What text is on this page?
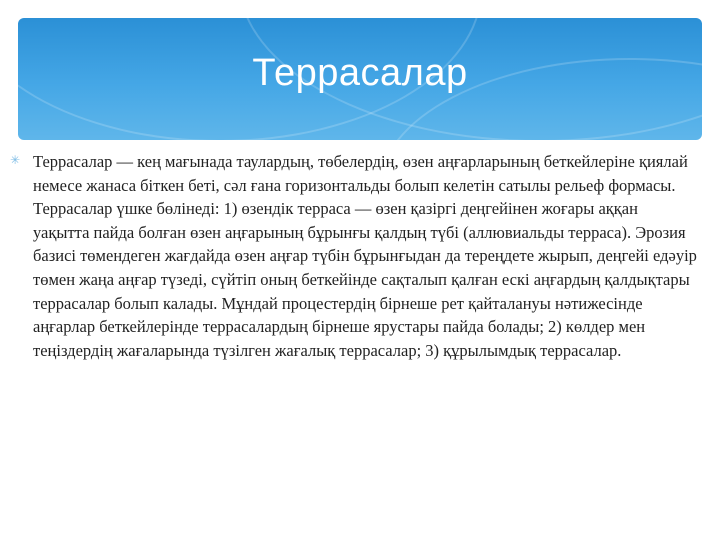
Террасалар
✳ Террасалар — кең мағынада таулардың, төбелердің, өзен аңғарларының беткейлеріне қиялай немесе жанаса біткен беті, сәл ғана горизонтальды болып келетін сатылы рельеф формасы. Террасалар үшке бөлінеді: 1) өзендік терраса — өзен қазіргі деңгейінен жоғары аққан уақытта пайда болған өзен аңғарының бұрынғы қалдың түбі (аллювиальды терраса). Эрозия базисі төмендеген жағдайда өзен аңғар түбін бұрынғыдан да тереңдете жырып, деңгейі едәуір төмен жаңа аңғар түзеді, сүйтіп оның беткейінде сақталып қалған ескі аңғардың қалдықтары террасалар болып калады. Мұндай процестердің бірнеше рет қайталануы нәтижесінде аңғарлар беткейлерінде террасалардың бірнеше ярустары пайда болады; 2) көлдер мен теңіздердің жағаларында түзілген жағалық террасалар; 3) құрылымдық террасалар.
